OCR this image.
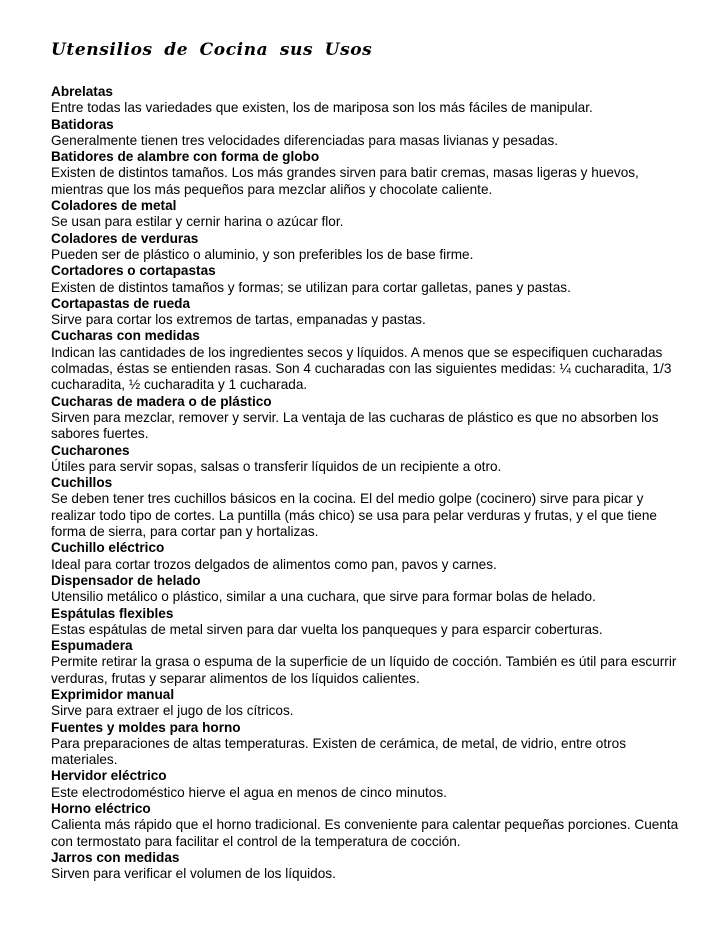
Utensilios de Cocina sus Usos
Abrelatas
Entre todas las variedades que existen, los de mariposa son los más fáciles de manipular.
Batidoras
Generalmente tienen tres velocidades diferenciadas para masas livianas y pesadas.
Batidores de alambre con forma de globo
Existen de distintos tamaños. Los más grandes sirven para batir cremas, masas ligeras y huevos, mientras que los más pequeños para mezclar aliños y chocolate caliente.
Coladores de metal
Se usan para estilar y cernir harina o azúcar flor.
Coladores de verduras
Pueden ser de plástico o aluminio, y son preferibles los de base firme.
Cortadores o cortapastas
Existen de distintos tamaños y formas; se utilizan para cortar galletas, panes y pastas.
Cortapastas de rueda
Sirve para cortar los extremos de tartas, empanadas y pastas.
Cucharas con medidas
Indican las cantidades de los ingredientes secos y líquidos. A menos que se especifiquen cucharadas colmadas, éstas se entienden rasas. Son 4 cucharadas con las siguientes medidas: ¼ cucharadita, 1/3 cucharadita, ½ cucharadita y 1 cucharada.
Cucharas de madera o de plástico
Sirven para mezclar, remover y servir. La ventaja de las cucharas de plástico es que no absorben los sabores fuertes.
Cucharones
Útiles para servir sopas, salsas o transferir líquidos de un recipiente a otro.
Cuchillos
Se deben tener tres cuchillos básicos en la cocina. El del medio golpe (cocinero) sirve para picar y realizar todo tipo de cortes. La puntilla (más chico) se usa para pelar verduras y frutas, y el que tiene forma de sierra, para cortar pan y hortalizas.
Cuchillo eléctrico
Ideal para cortar trozos delgados de alimentos como pan, pavos y carnes.
Dispensador de helado
Utensilio metálico o plástico, similar a una cuchara, que sirve para formar bolas de helado.
Espátulas flexibles
Estas espátulas de metal sirven para dar vuelta los panqueques y para esparcir coberturas.
Espumadera
Permite retirar la grasa o espuma de la superficie de un líquido de cocción. También es útil para escurrir verduras, frutas y separar alimentos de los líquidos calientes.
Exprimidor manual
Sirve para extraer el jugo de los cítricos.
Fuentes y moldes para horno
Para preparaciones de altas temperaturas. Existen de cerámica, de metal, de vidrio, entre otros materiales.
Hervidor eléctrico
Este electrodoméstico hierve el agua en menos de cinco minutos.
Horno eléctrico
Calienta más rápido que el horno tradicional. Es conveniente para calentar pequeñas porciones. Cuenta con termostato para facilitar el control de la temperatura de cocción.
Jarros con medidas
Sirven para verificar el volumen de los líquidos.
